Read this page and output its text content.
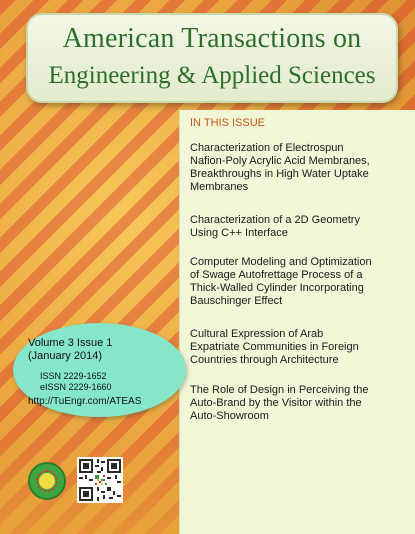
American Transactions on
Engineering & Applied Sciences
IN THIS ISSUE
Characterization of Electrospun
Nafion-Poly Acrylic Acid Membranes,
Breakthroughs in High Water Uptake
Membranes
Characterization of a 2D Geometry
Using C++ Interface
Computer Modeling and Optimization
of Swage Autofrettage Process of a
Thick-Walled Cylinder Incorporating
Bauschinger Effect
Cultural Expression of Arab
Expatriate Communities in Foreign
Countries through Architecture
The Role of Design in Perceiving the
Auto-Brand by the Visitor within the
Auto-Showroom
Volume 3 Issue 1
(January 2014)
ISSN 2229-1652
eISSN 2229-1660
http://TuEngr.com/ATEAS
